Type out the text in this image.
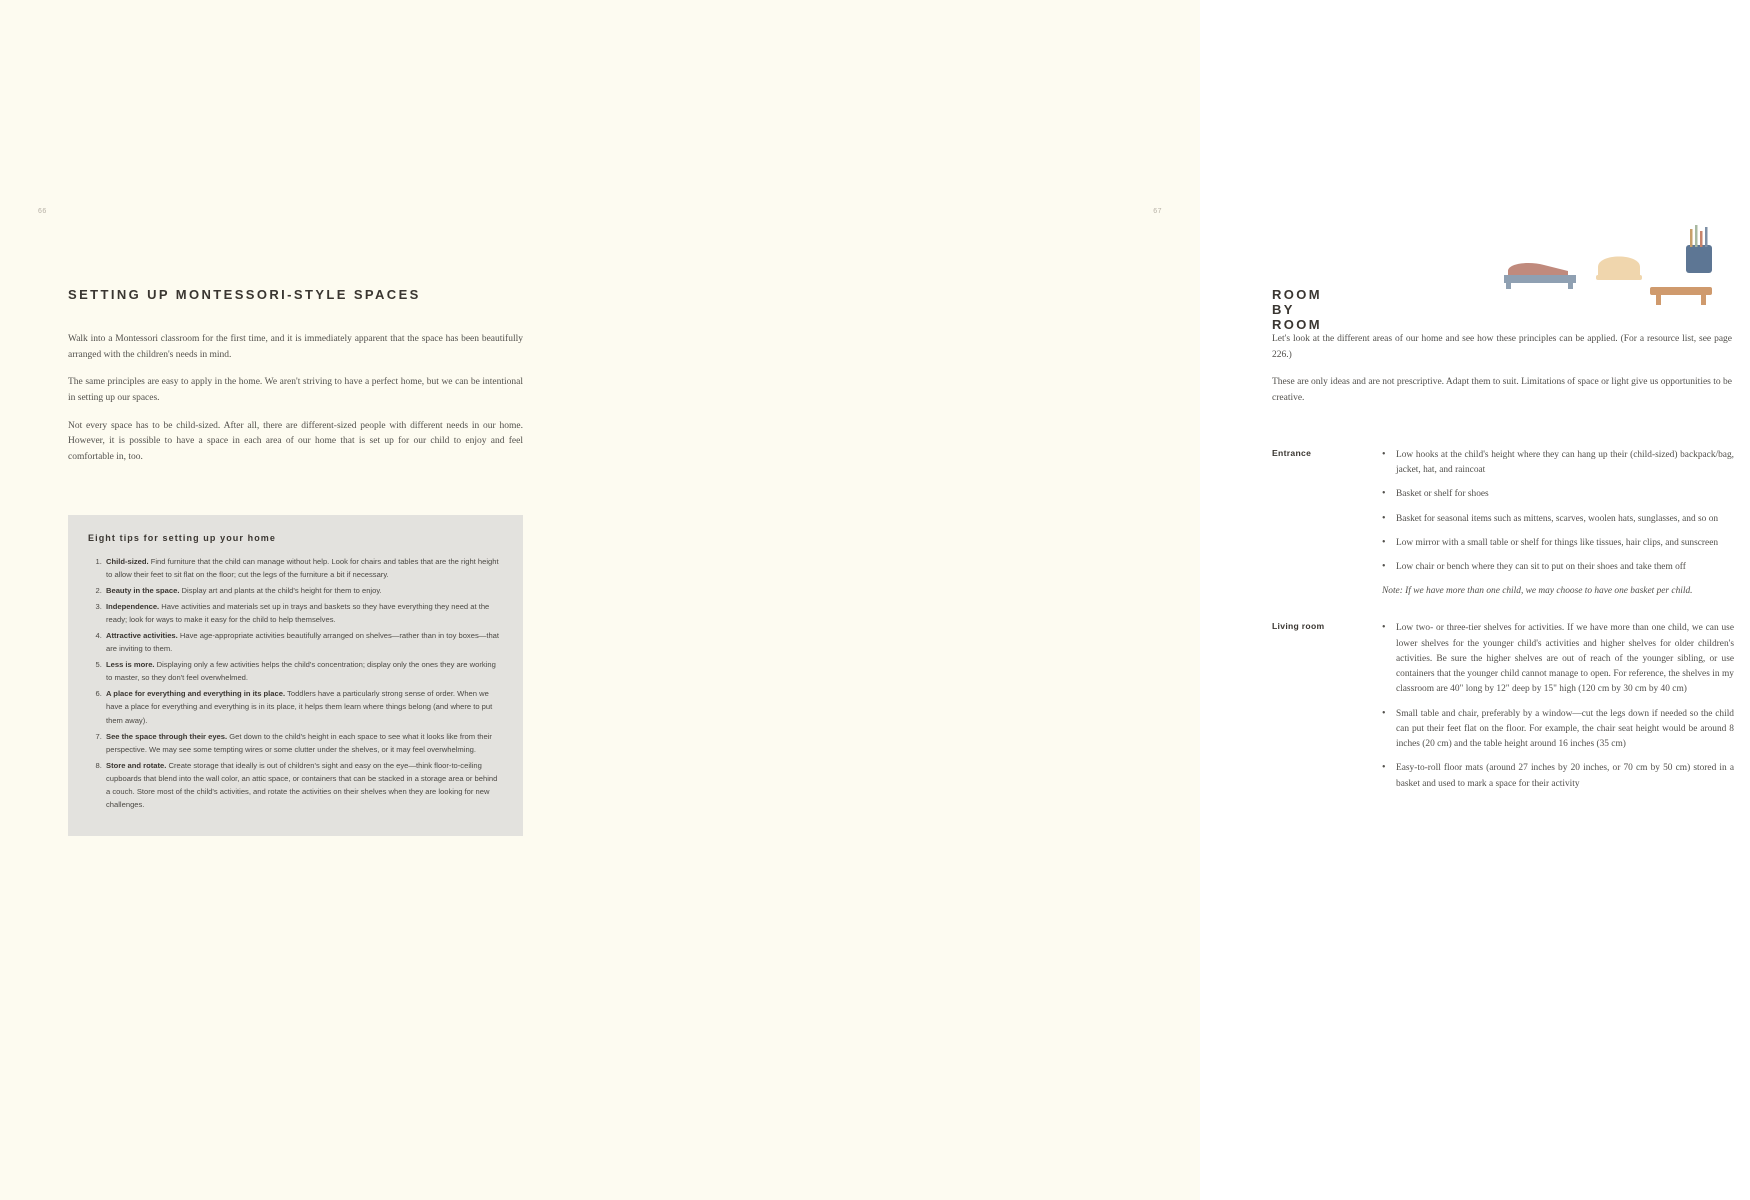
66
SETTING UP MONTESSORI-STYLE SPACES

Walk into a Montessori classroom for the first time, and it is immediately apparent that the space has been beautifully arranged with the children's needs in mind.

The same principles are easy to apply in the home. We aren't striving to have a perfect home, but we can be intentional in setting up our spaces.

Not every space has to be child-sized. After all, there are different-sized people with different needs in our home. However, it is possible to have a space in each area of our home that is set up for our child to enjoy and feel comfortable in, too.

Eight tips for setting up your home
1. Child-sized. Find furniture that the child can manage without help. Look for chairs and tables that are the right height to allow their feet to sit flat on the floor; cut the legs of the furniture a bit if necessary.
2. Beauty in the space. Display art and plants at the child's height for them to enjoy.
3. Independence. Have activities and materials set up in trays and baskets so they have everything they need at the ready; look for ways to make it easy for the child to help themselves.
4. Attractive activities. Have age-appropriate activities beautifully arranged on shelves—rather than in toy boxes—that are inviting to them.
5. Less is more. Displaying only a few activities helps the child's concentration; display only the ones they are working to master, so they don't feel overwhelmed.
6. A place for everything and everything in its place. Toddlers have a particularly strong sense of order. When we have a place for everything and everything is in its place, it helps them learn where things belong (and where to put them away).
7. See the space through their eyes. Get down to the child's height in each space to see what it looks like from their perspective. We may see some tempting wires or some clutter under the shelves, or it may feel overwhelming.
8. Store and rotate. Create storage that ideally is out of children's sight and easy on the eye—think floor-to-ceiling cupboards that blend into the wall color, an attic space, or containers that can be stacked in a storage area or behind a couch. Store most of the child's activities, and rotate the activities on their shelves when they are looking for new challenges.
67
ROOM BY ROOM

Let's look at the different areas of our home and see how these principles can be applied. (For a resource list, see page 226.)

These are only ideas and are not prescriptive. Adapt them to suit. Limitations of space or light give us opportunities to be creative.

Entrance	• Low hooks at the child's height where they can hang up their (child-sized) backpack/bag, jacket, hat, and raincoat
• Basket or shelf for shoes
• Basket for seasonal items such as mittens, scarves, woolen hats, sunglasses, and so on
• Low mirror with a small table or shelf for things like tissues, hair clips, and sunscreen
• Low chair or bench where they can sit to put on their shoes and take them off
Note: If we have more than one child, we may choose to have one basket per child.
Living room	• Low two- or three-tier shelves for activities. If we have more than one child, we can use lower shelves for the younger child's activities and higher shelves for older children's activities. Be sure the higher shelves are out of reach of the younger sibling, or use containers that the younger child cannot manage to open. For reference, the shelves in my classroom are 40" long by 12" deep by 15" high (120 cm by 30 cm by 40 cm)
• Small table and chair, preferably by a window—cut the legs down if needed so the child can put their feet flat on the floor. For example, the chair seat height would be around 8 inches (20 cm) and the table height around 16 inches (35 cm)
• Easy-to-roll floor mats (around 27 inches by 20 inches, or 70 cm by 50 cm) stored in a basket and used to mark a space for their activity
